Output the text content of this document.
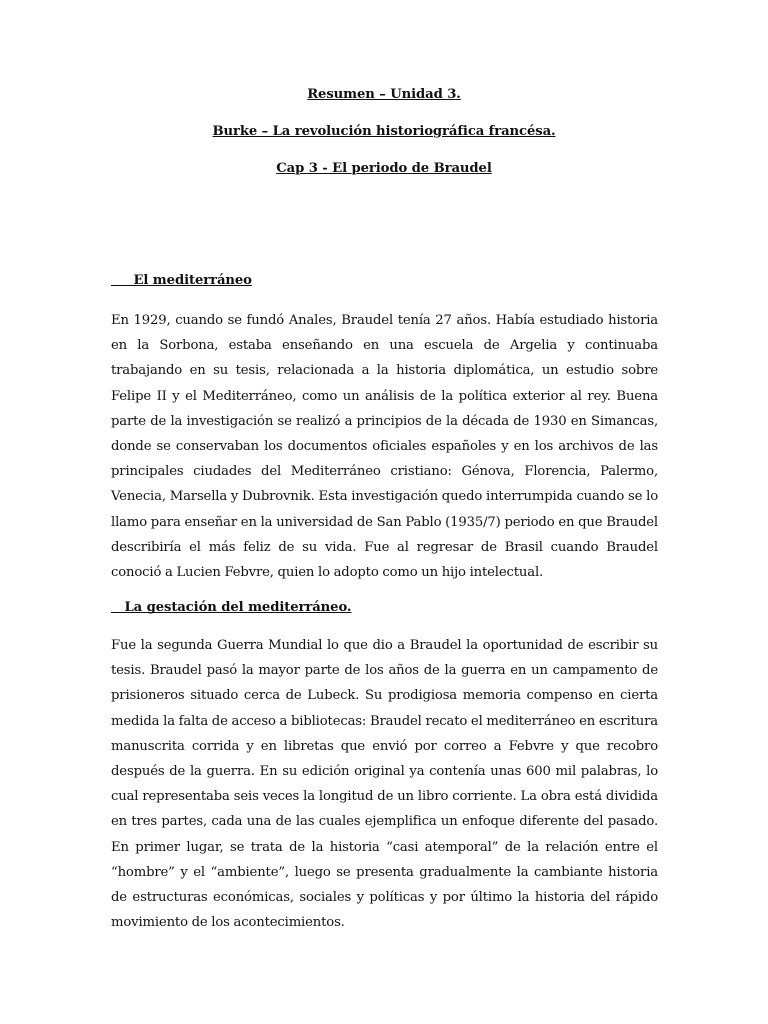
Resumen – Unidad 3.

Burke – La revolución historiográfica francésa.

Cap 3 - El periodo de Braudel

El mediterráneo

En 1929, cuando se fundó Anales, Braudel tenía 27 años. Había estudiado historia en la Sorbona, estaba enseñando en una escuela de Argelia y continuaba trabajando en su tesis, relacionada a la historia diplomática, un estudio sobre Felipe II y el Mediterráneo, como un análisis de la política exterior al rey. Buena parte de la investigación se realizó a principios de la década de 1930 en Simancas, donde se conservaban los documentos oficiales españoles y en los archivos de las principales ciudades del Mediterráneo cristiano: Génova, Florencia, Palermo, Venecia, Marsella y Dubrovnik. Esta investigación quedo interrumpida cuando se lo llamo para enseñar en la universidad de San Pablo (1935/7) periodo en que Braudel describiría el más feliz de su vida. Fue al regresar de Brasil cuando Braudel conoció a Lucien Febvre, quien lo adopto como un hijo intelectual.

La gestación del mediterráneo.

Fue la segunda Guerra Mundial lo que dio a Braudel la oportunidad de escribir su tesis. Braudel pasó la mayor parte de los años de la guerra en un campamento de prisioneros situado cerca de Lubeck. Su prodigiosa memoria compenso en cierta medida la falta de acceso a bibliotecas: Braudel recato el mediterráneo en escritura manuscrita corrida y en libretas que envió por correo a Febvre y que recobro después de la guerra. En su edición original ya contenía unas 600 mil palabras, lo cual representaba seis veces la longitud de un libro corriente. La obra está dividida en tres partes, cada una de las cuales ejemplifica un enfoque diferente del pasado. En primer lugar, se trata de la historia “casi atemporal” de la relación entre el “hombre” y el “ambiente”, luego se presenta gradualmente la cambiante historia de estructuras económicas, sociales y políticas y por último la historia del rápido movimiento de los acontecimientos.
